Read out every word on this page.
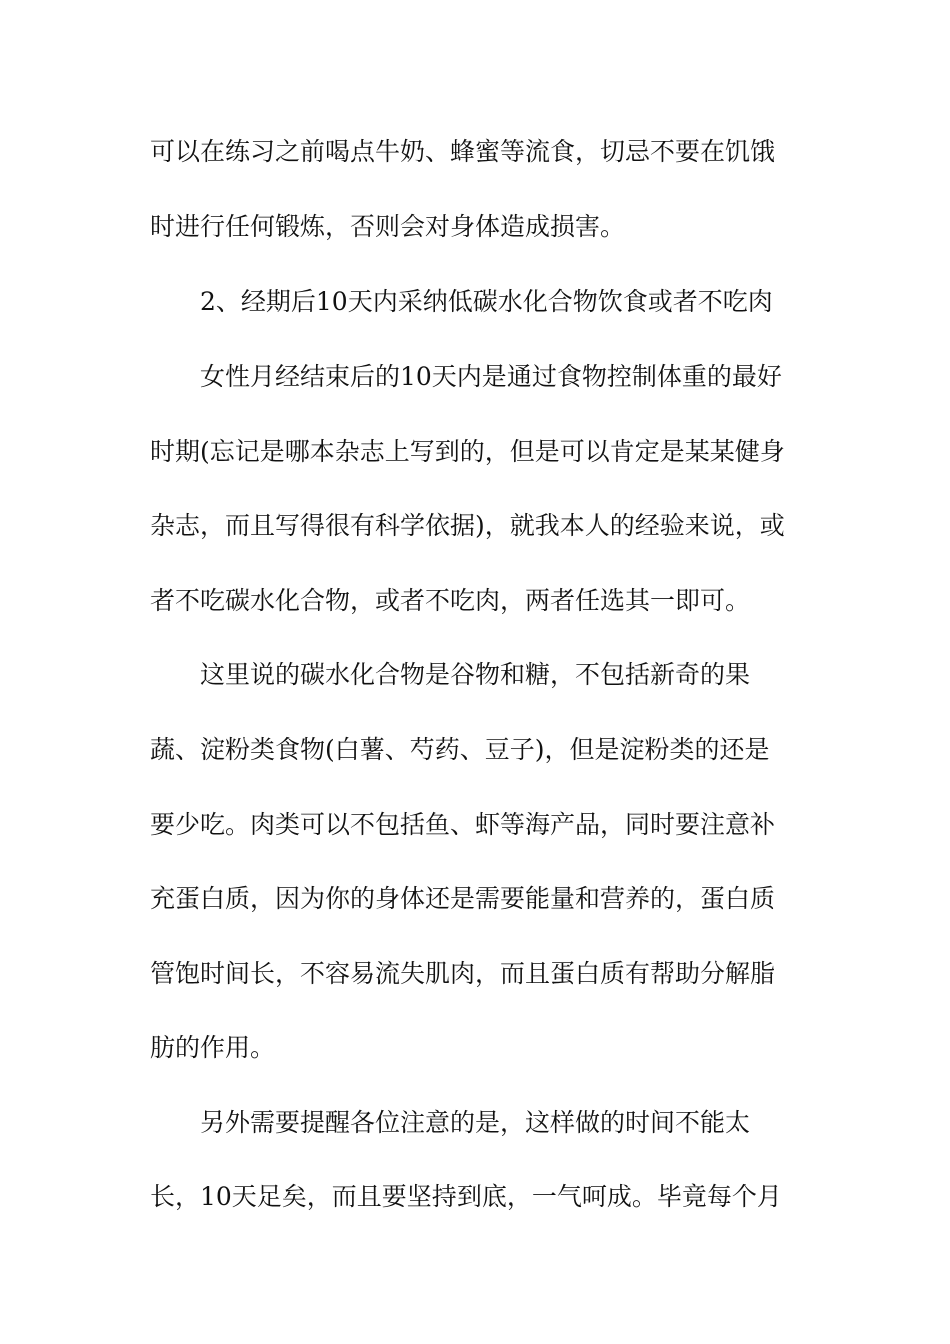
可以在练习之前喝点牛奶、蜂蜜等流食，切忌不要在饥饿
时进行任何锻炼，否则会对身体造成损害。
2、经期后10天内采纳低碳水化合物饮食或者不吃肉
女性月经结束后的10天内是通过食物控制体重的最好
时期(忘记是哪本杂志上写到的，但是可以肯定是某某健身
杂志，而且写得很有科学依据)，就我本人的经验来说，或
者不吃碳水化合物，或者不吃肉，两者任选其一即可。
这里说的碳水化合物是谷物和糖，不包括新奇的果
蔬、淀粉类食物(白薯、芍药、豆子)，但是淀粉类的还是
要少吃。肉类可以不包括鱼、虾等海产品，同时要注意补
充蛋白质，因为你的身体还是需要能量和营养的，蛋白质
管饱时间长，不容易流失肌肉，而且蛋白质有帮助分解脂
肪的作用。
另外需要提醒各位注意的是，这样做的时间不能太
长，10天足矣，而且要坚持到底，一气呵成。毕竟每个月
